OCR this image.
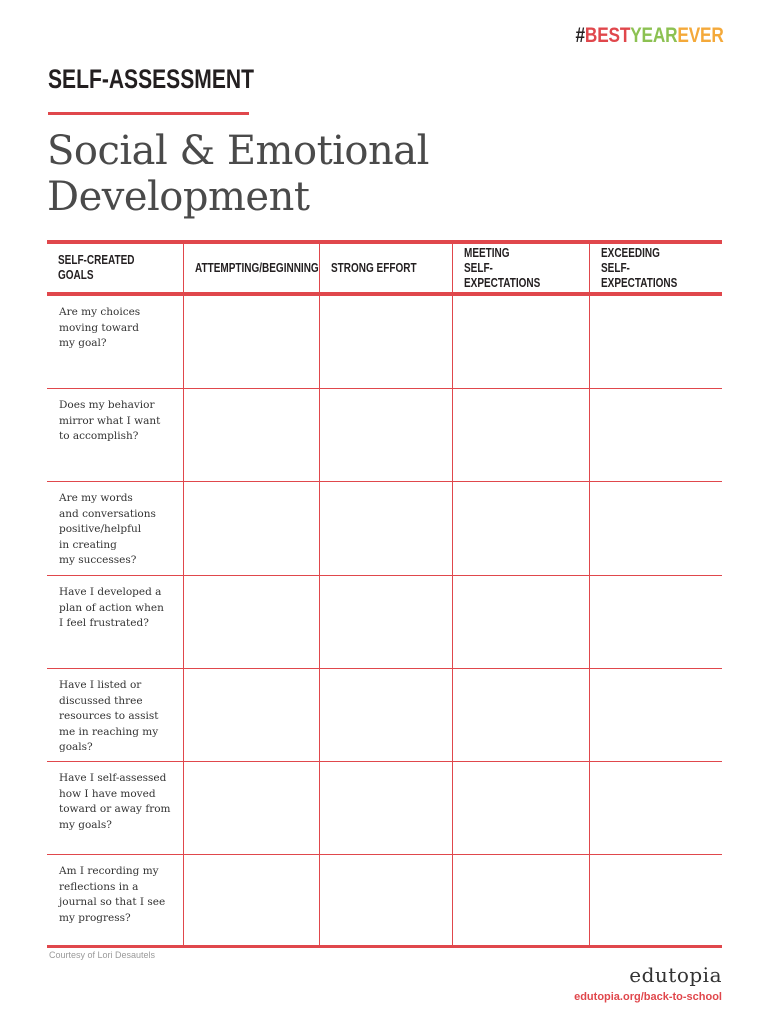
#BESTYEAREVER
SELF-ASSESSMENT
Social & Emotional
Development
SELF-CREATED GOALS
ATTEMPTING/BEGINNING STRONG EFFORT
MEETING
SELF-EXPECTATIONS
EXCEEDING
SELF-EXPECTATIONS
Are my choices
moving toward
my goal?
Does my behavior
mirror what I want
to accomplish?
Are my words
and conversations
positive/helpful
in creating
my successes?
Have I developed a
plan of action when
I feel frustrated?
Have I listed or
discussed three
resources to assist
me in reaching my
goals?
Have I self-assessed
how I have moved
toward or away from
my goals?
Am I recording my
reflections in a
journal so that I see
my progress?
Courtesy of Lori Desautels
edutopia
edutopia.org/back-to-school
